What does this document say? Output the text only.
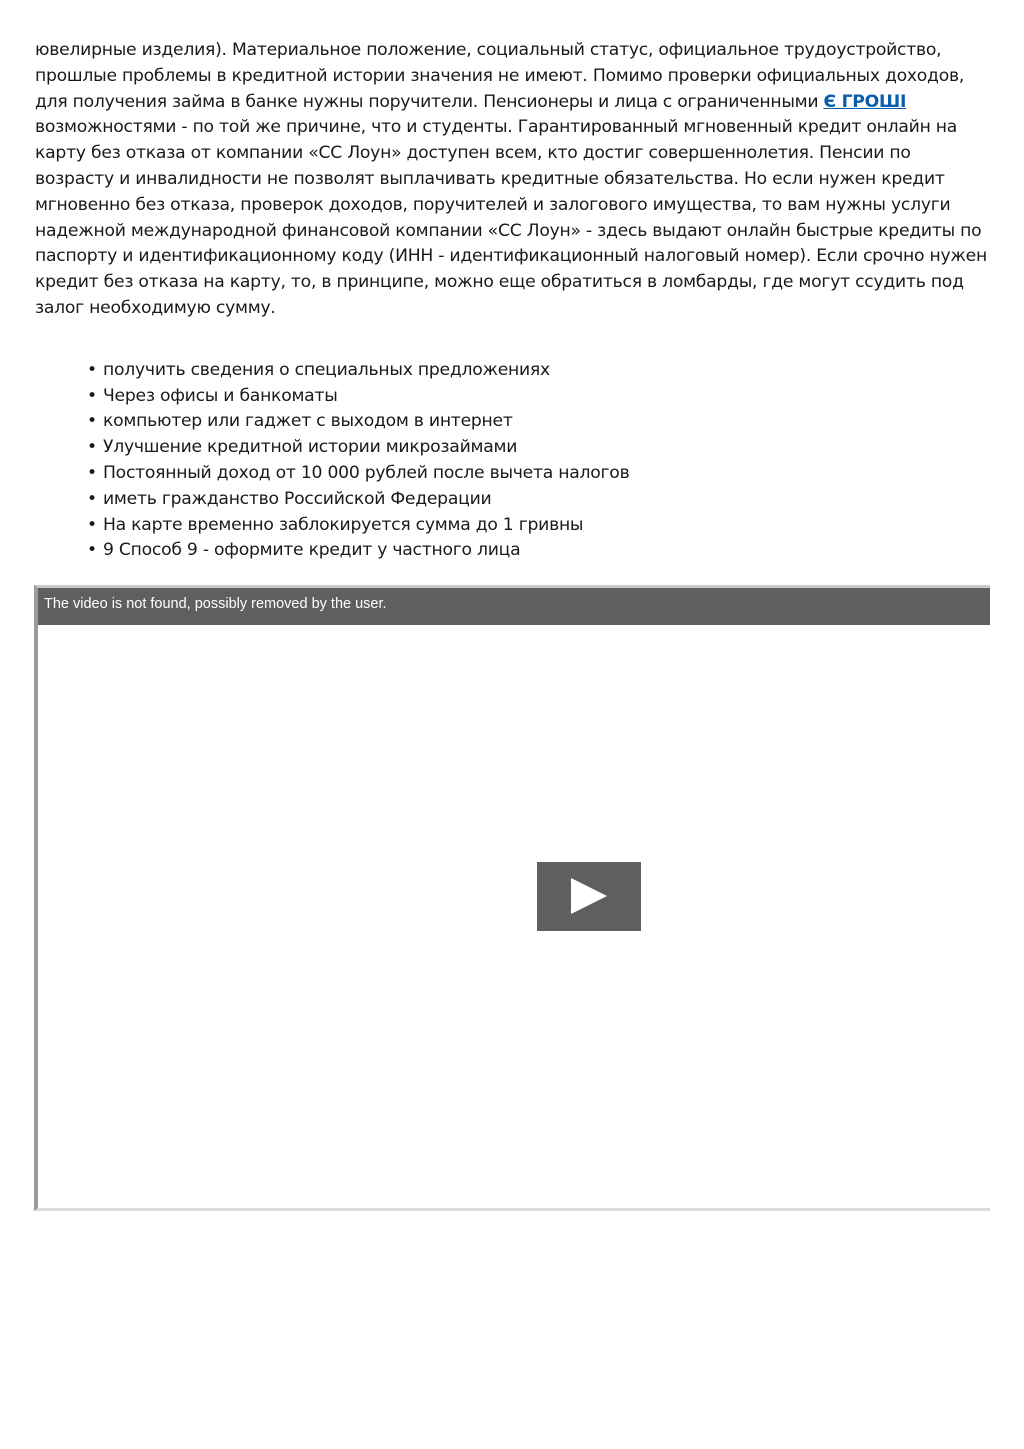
ювелирные изделия). Материальное положение, социальный статус, официальное трудоустройство, прошлые проблемы в кредитной истории значения не имеют. Помимо проверки официальных доходов, для получения займа в банке нужны поручители. Пенсионеры и лица с ограниченными Є ГРОШІ возможностями - по той же причине, что и студенты. Гарантированный мгновенный кредит онлайн на карту без отказа от компании «СС Лоун» доступен всем, кто достиг совершеннолетия. Пенсии по возрасту и инвалидности не позволят выплачивать кредитные обязательства. Но если нужен кредит мгновенно без отказа, проверок доходов, поручителей и залогового имущества, то вам нужны услуги надежной международной финансовой компании «СС Лоун» - здесь выдают онлайн быстрые кредиты по паспорту и идентификационному коду (ИНН - идентификационный налоговый номер). Если срочно нужен кредит без отказа на карту, то, в принципе, можно еще обратиться в ломбарды, где могут ссудить под залог необходимую сумму.

• получить сведения о специальных предложениях
• Через офисы и банкоматы
• компьютер или гаджет с выходом в интернет
• Улучшение кредитной истории микрозаймами
• Постоянный доход от 10 000 рублей после вычета налогов
• иметь гражданство Российской Федерации
• На карте временно заблокируется сумма до 1 гривны
• 9 Способ 9 - оформите кредит у частного лица
The video is not found, possibly removed by the user.
